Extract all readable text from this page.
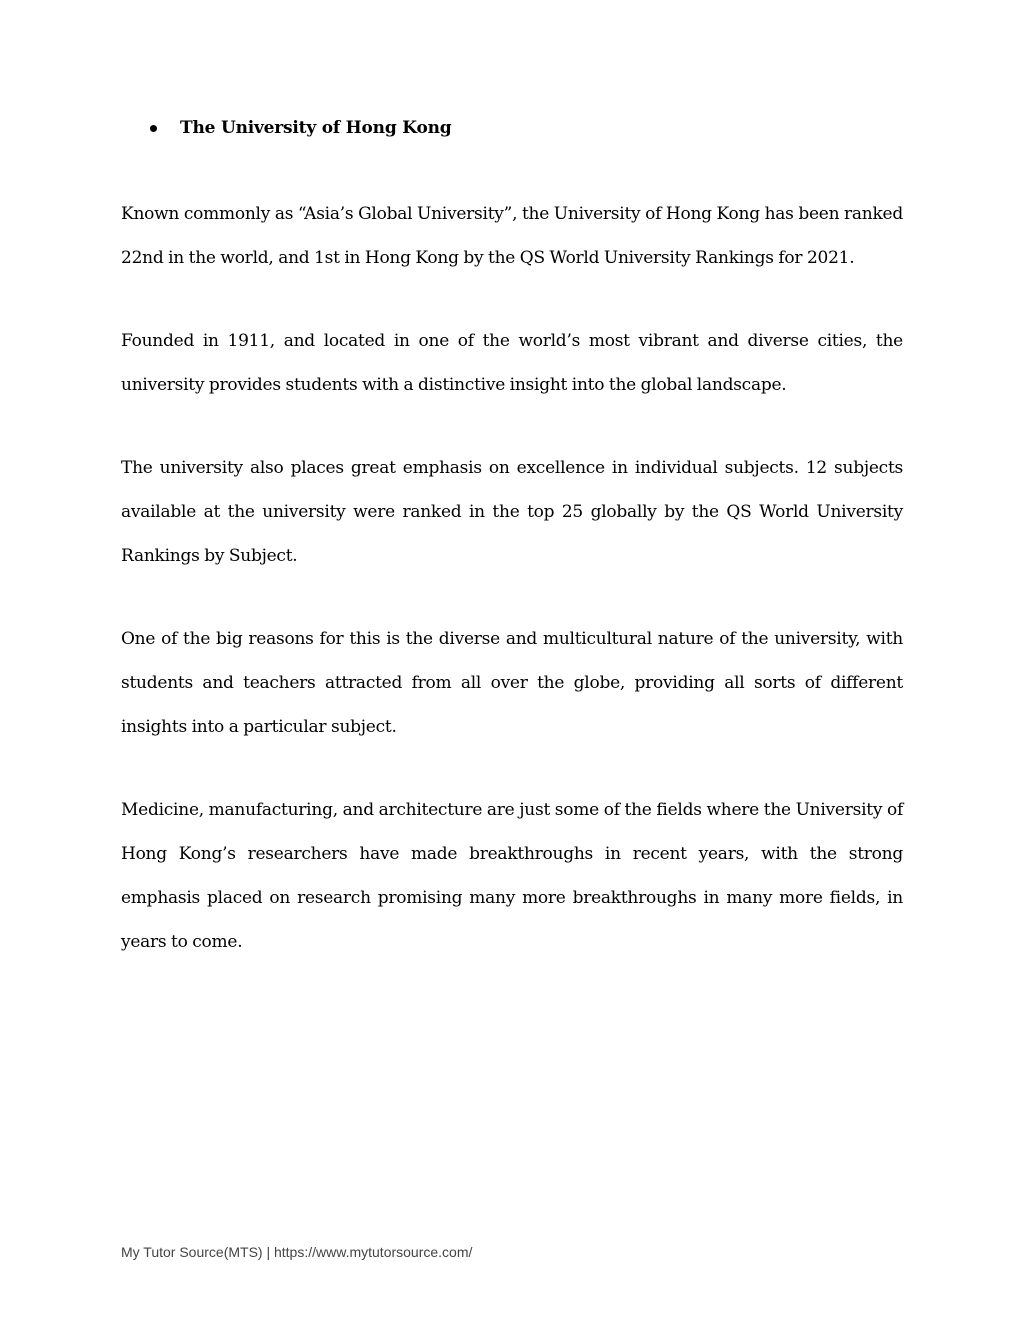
The University of Hong Kong

Known commonly as “Asia’s Global University”, the University of Hong Kong has been ranked 22nd in the world, and 1st in Hong Kong by the QS World University Rankings for 2021.

Founded in 1911, and located in one of the world’s most vibrant and diverse cities, the university provides students with a distinctive insight into the global landscape.

The university also places great emphasis on excellence in individual subjects. 12 subjects available at the university were ranked in the top 25 globally by the QS World University Rankings by Subject.

One of the big reasons for this is the diverse and multicultural nature of the university, with students and teachers attracted from all over the globe, providing all sorts of different insights into a particular subject.

Medicine, manufacturing, and architecture are just some of the fields where the University of Hong Kong’s researchers have made breakthroughs in recent years, with the strong emphasis placed on research promising many more breakthroughs in many more fields, in years to come.

My Tutor Source(MTS) | https://www.mytutorsource.com/
